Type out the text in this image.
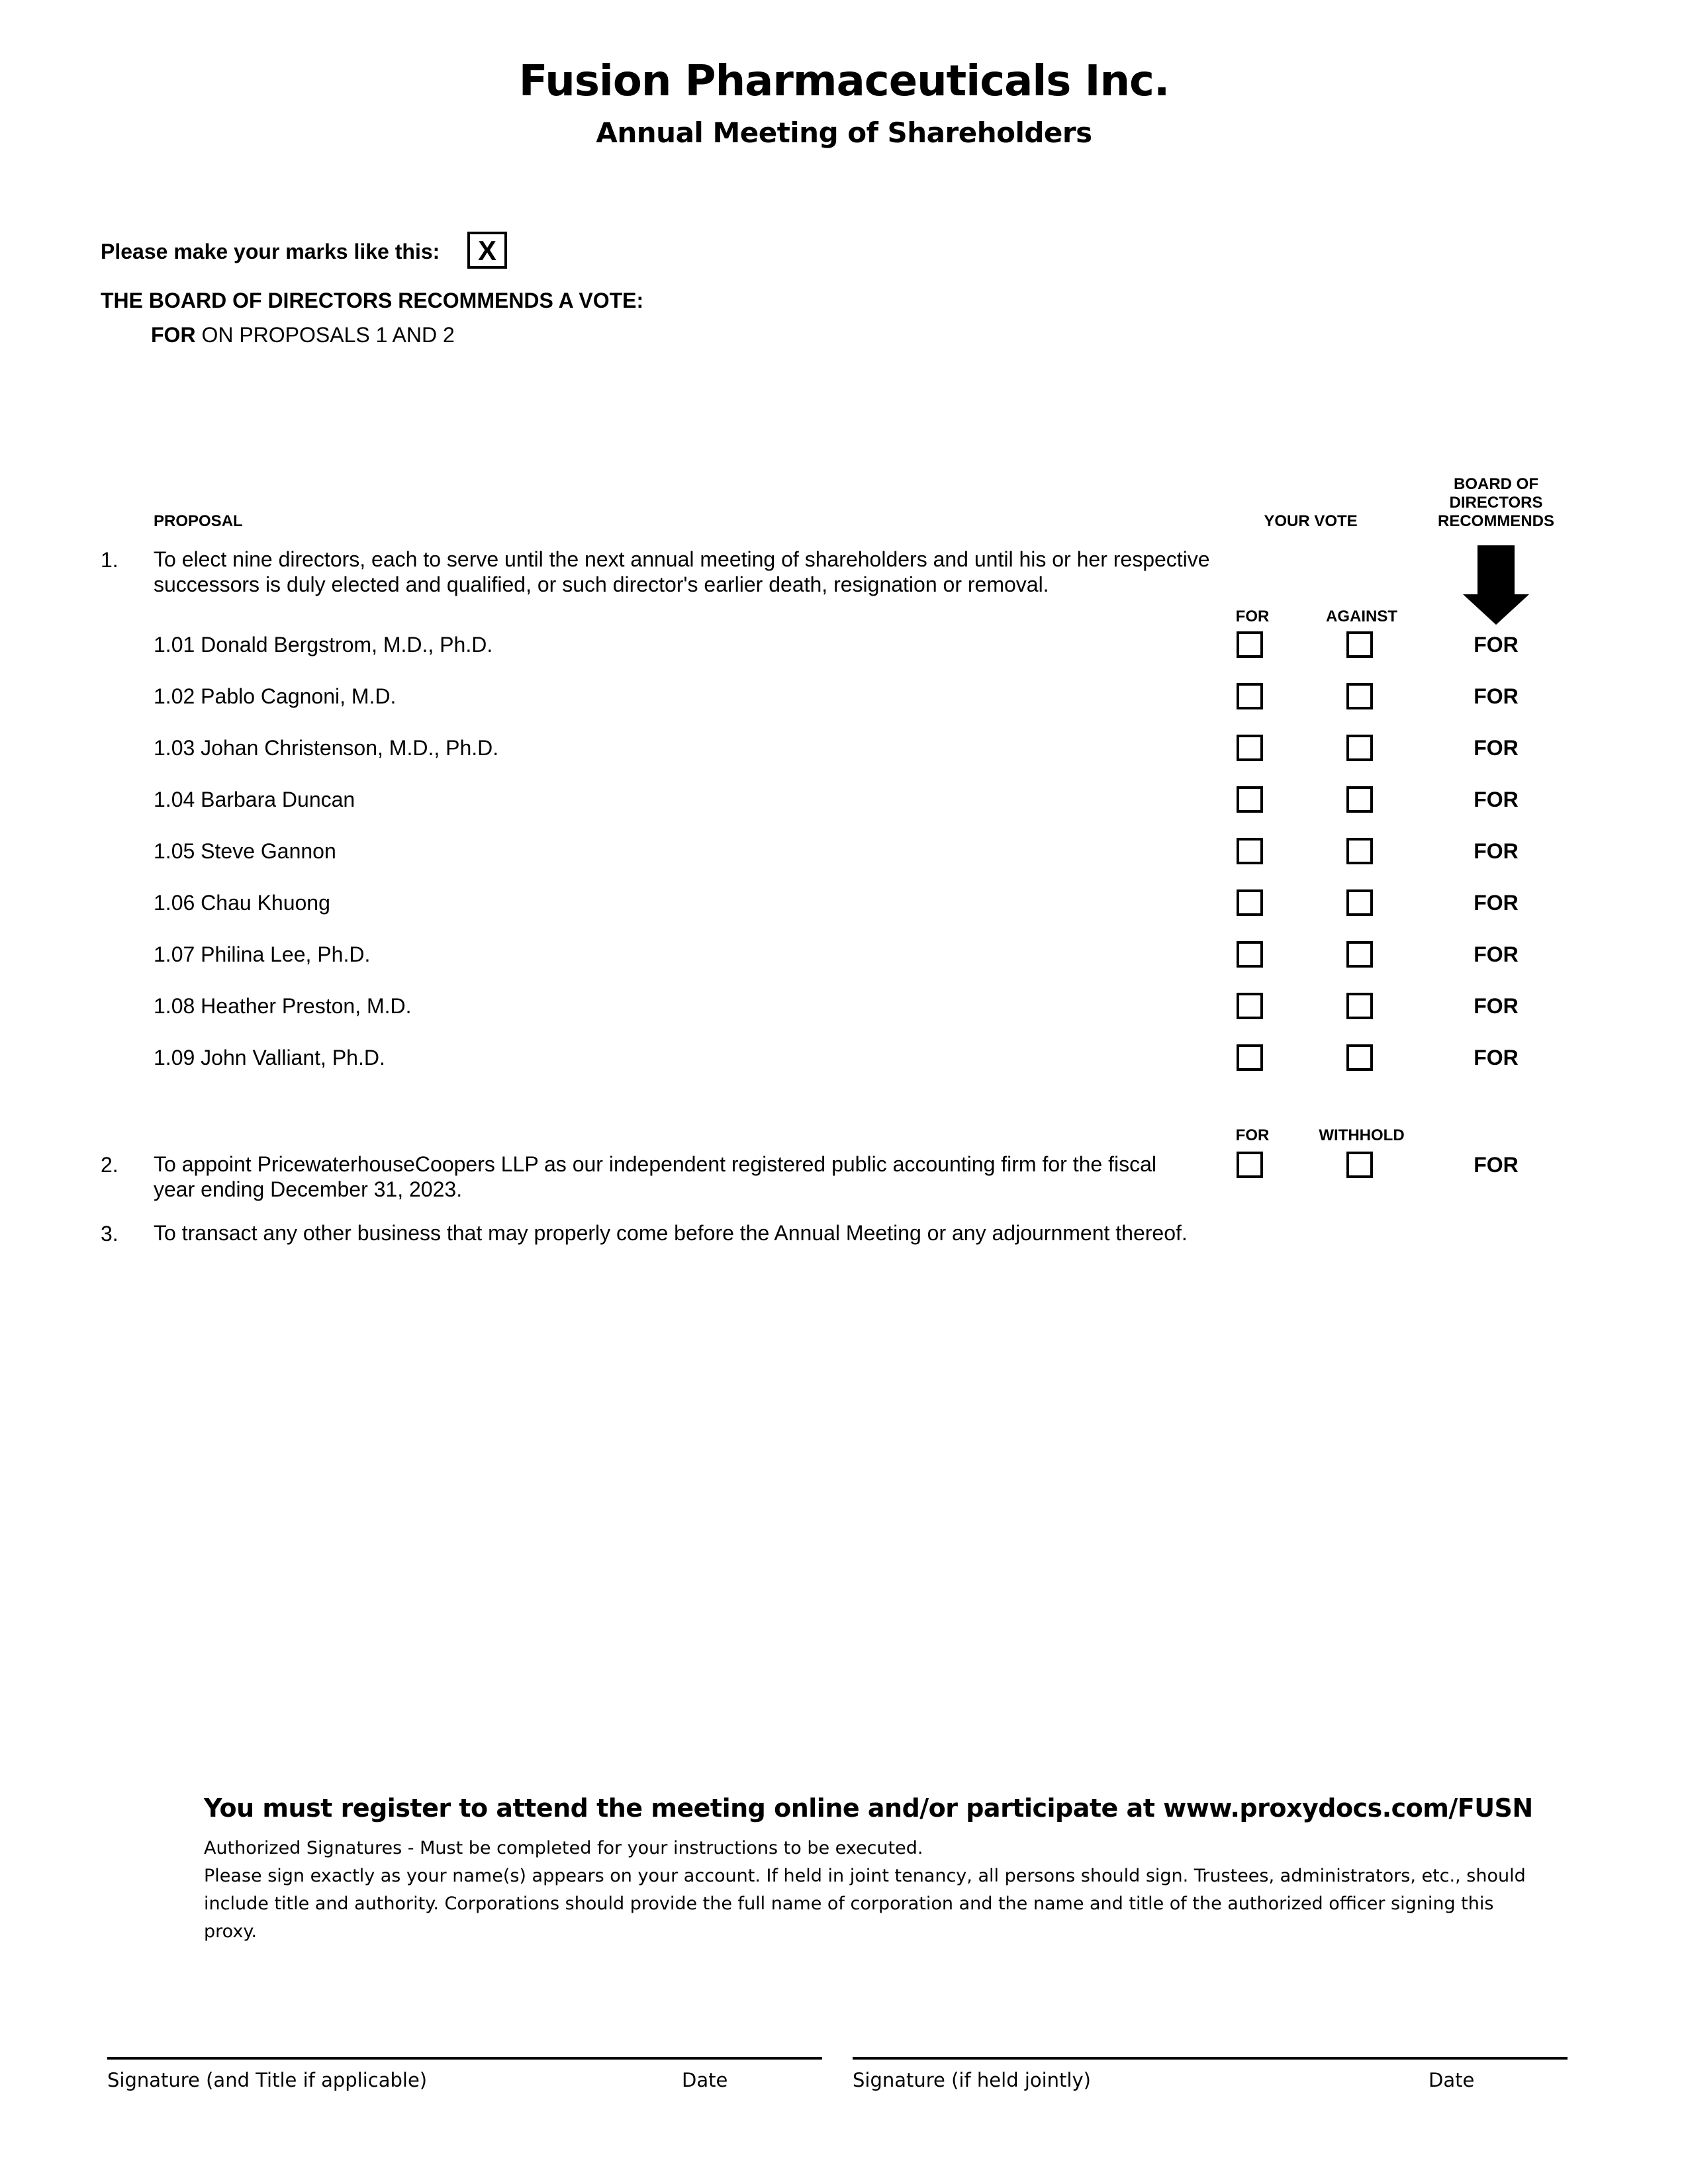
Fusion Pharmaceuticals Inc.
Annual Meeting of Shareholders
Please make your marks like this:	X
THE BOARD OF DIRECTORS RECOMMENDS A VOTE:
FOR ON PROPOSALS 1 AND 2
PROPOSAL	YOUR VOTE
BOARD OF
DIRECTORS
RECOMMENDS
1. To elect nine directors, each to serve until the next annual meeting of shareholders and until his or her respective successors is duly elected and qualified, or such director's earlier death, resignation or removal.
FOR	AGAINST
1.01 Donald Bergstrom, M.D., Ph.D.	FOR
1.02 Pablo Cagnoni, M.D.	FOR
1.03 Johan Christenson, M.D., Ph.D.	FOR
1.04 Barbara Duncan	FOR
1.05 Steve Gannon	FOR
1.06 Chau Khuong	FOR
1.07 Philina Lee, Ph.D.	FOR
1.08 Heather Preston, M.D.	FOR
1.09 John Valliant, Ph.D.	FOR
FOR	WITHHOLD
2. To appoint PricewaterhouseCoopers LLP as our independent registered public accounting firm for the fiscal year ending December 31, 2023.
FOR
3. To transact any other business that may properly come before the Annual Meeting or any adjournment thereof.
You must register to attend the meeting online and/or participate at www.proxydocs.com/FUSN
Authorized Signatures - Must be completed for your instructions to be executed.
Please sign exactly as your name(s) appears on your account. If held in joint tenancy, all persons should sign. Trustees, administrators, etc., should include title and authority. Corporations should provide the full name of corporation and the name and title of the authorized officer signing this proxy.
Signature (and Title if applicable)	Date	Signature (if held jointly)	Date
